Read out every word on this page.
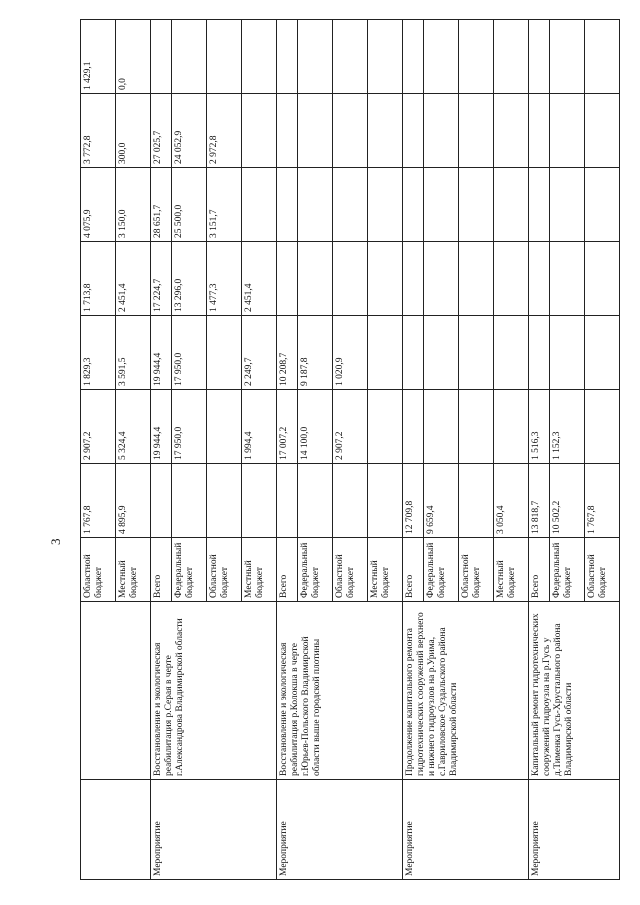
3
		Областной бюджет	1 767,8	2 907,2	1 829,3	1 713,8	4 075,9	3 772,8	1 429,1
		Местный бюджет	4 895,9	5 324,4	3 591,5	2 451,4	3 150,0	300,0	0,0
Мероприятие	Восстановление и экологическая реабилитация р.Серая в черте г.Александрова Владимирской области	Всего		19 944,4	19 944,4	17 224,7	28 651,7	27 025,7	
		Федеральный бюджет		17 950,0	17 950,0	13 296,0	25 500,0	24 052,9	
		Областной бюджет				1 477,3	3 151,7	2 972,8	
		Местный бюджет		1 994,4	2 249,7	2 451,4			
Мероприятие	Восстановление и экологическая реабилитация р.Колокша в черте г.Юрьев-Польского Владимирской области выше городской плотины	Всего		17 007,2	10 208,7				
		Федеральный бюджет		14 100,0	9 187,8				
		Областной бюджет		2 907,2	1 020,9				
		Местный бюджет							
Мероприятие	Продолжение капитального ремонта гидротехнических сооружений верхнего и нижнего гидроузлов на р.Урима, с.Гавриловское Суздальского района Владимирской области	Всего	12 709,8						
		Федеральный бюджет	9 659,4						
		Областной бюджет							
		Местный бюджет	3 050,4						
Мероприятие	Капитальный ремонт гидротехнических сооружений гидроузла на р.Гусь у д.Тименка Гусь-Хрустального района Владимирской области	Всего	13 818,7	1 516,3					
		Федеральный бюджет	10 502,2	1 152,3					
		Областной бюджет	1 767,8						
